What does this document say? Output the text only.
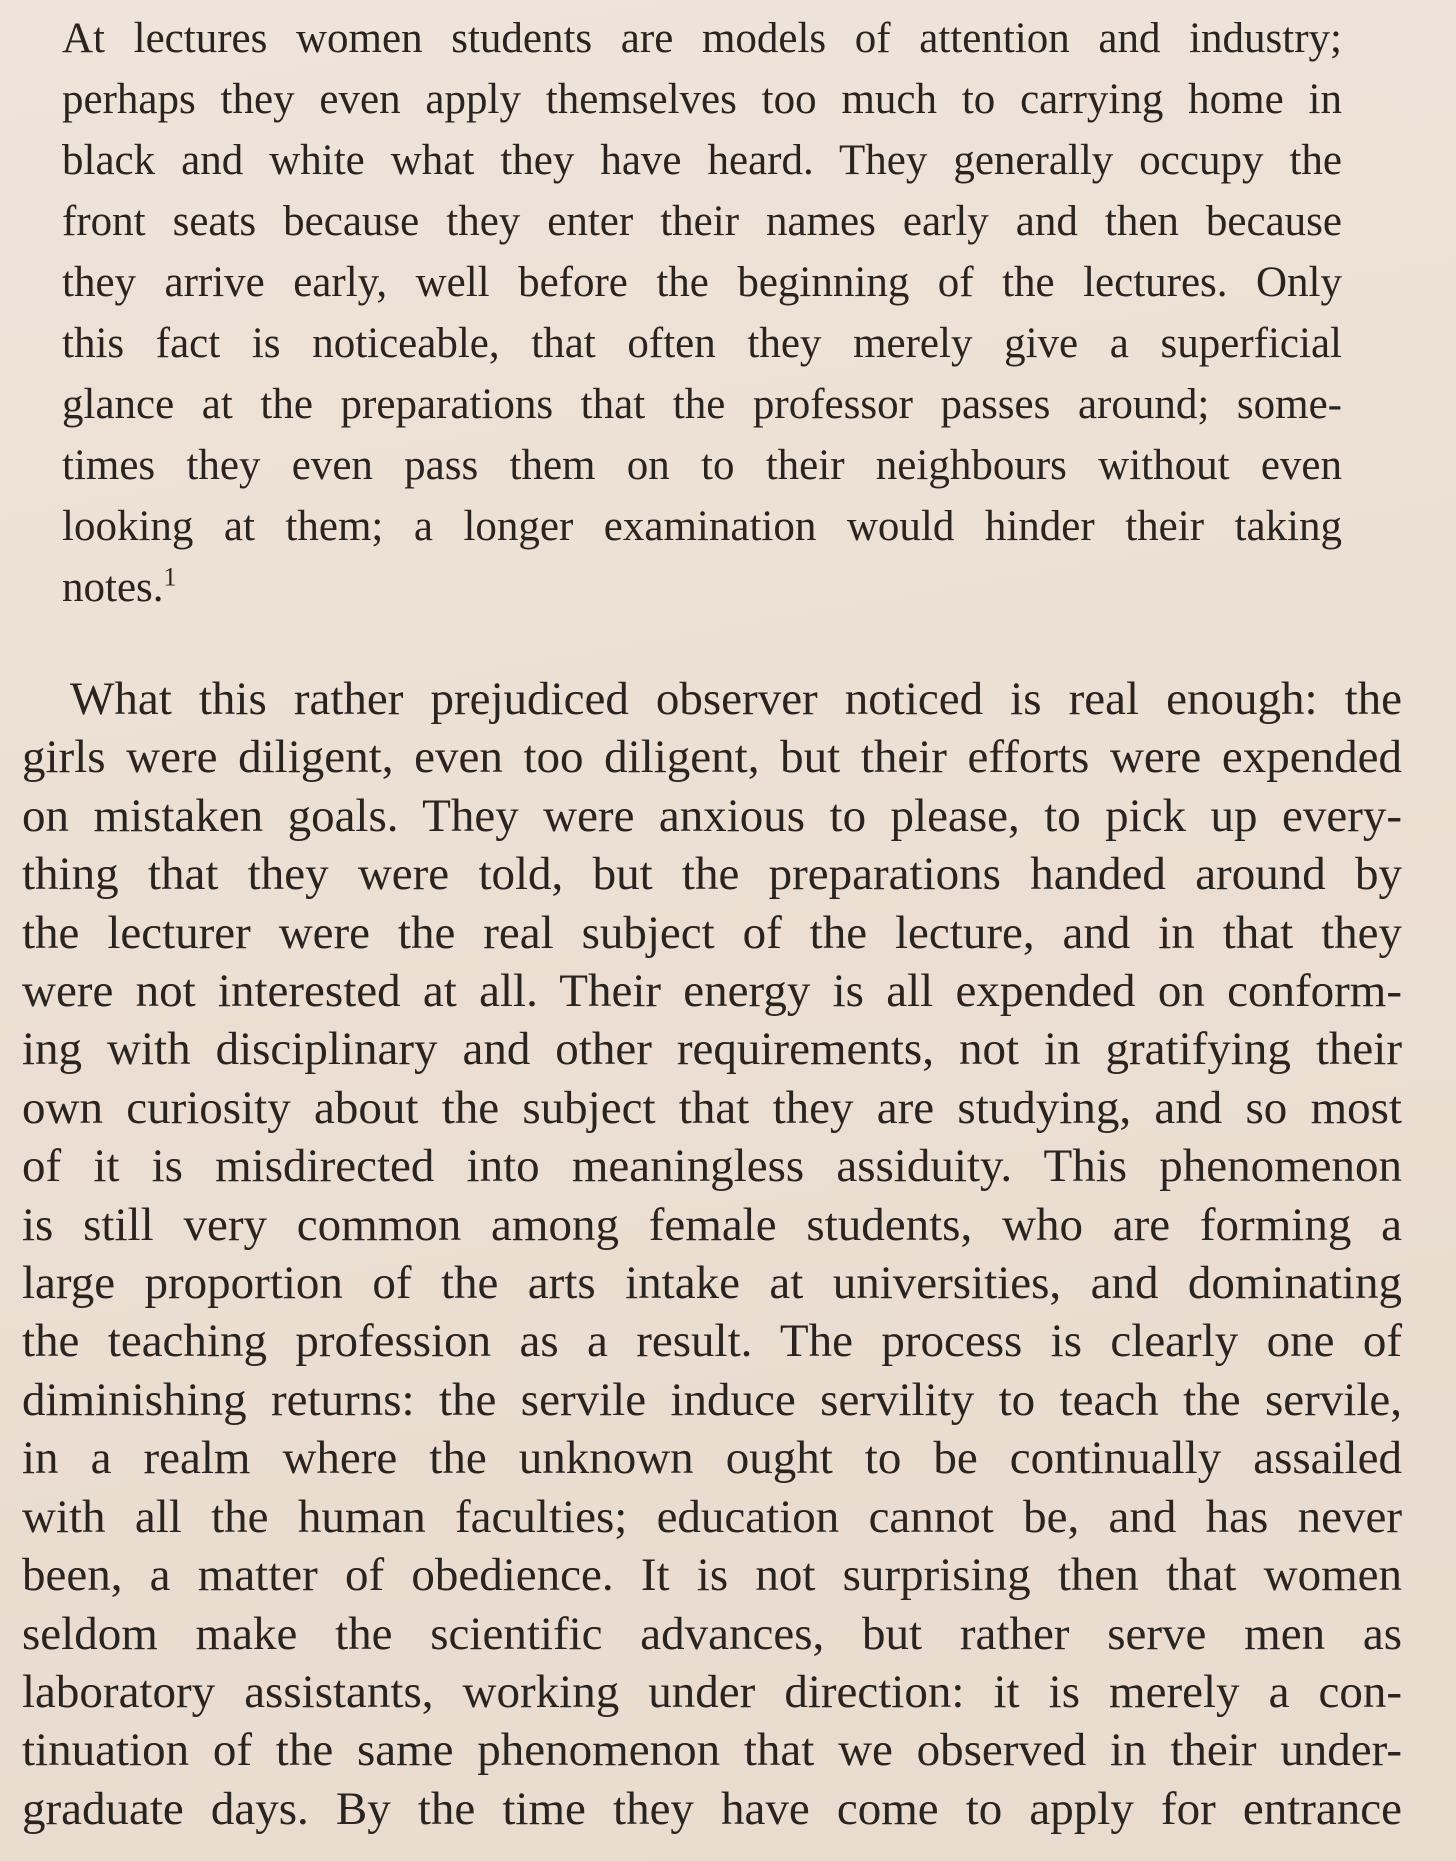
At lectures women students are models of attention and industry;
perhaps they even apply themselves too much to carrying home in
black and white what they have heard. They generally occupy the
front seats because they enter their names early and then because
they arrive early, well before the beginning of the lectures. Only
this fact is noticeable, that often they merely give a superficial
glance at the preparations that the professor passes around; some-
times they even pass them on to their neighbours without even
looking at them; a longer examination would hinder their taking
notes.$^1$
What this rather prejudiced observer noticed is real enough: the
girls were diligent, even too diligent, but their efforts were expended
on mistaken goals. They were anxious to please, to pick up every-
thing that they were told, but the preparations handed around by
the lecturer were the real subject of the lecture, and in that they
were not interested at all. Their energy is all expended on conform-
ing with disciplinary and other requirements, not in gratifying their
own curiosity about the subject that they are studying, and so most
of it is misdirected into meaningless assiduity. This phenomenon
is still very common among female students, who are forming a
large proportion of the arts intake at universities, and dominating
the teaching profession as a result. The process is clearly one of
diminishing returns: the servile induce servility to teach the servile,
in a realm where the unknown ought to be continually assailed
with all the human faculties; education cannot be, and has never
been, a matter of obedience. It is not surprising then that women
seldom make the scientific advances, but rather serve men as
laboratory assistants, working under direction: it is merely a con-
tinuation of the same phenomenon that we observed in their under-
graduate days. By the time they have come to apply for entrance
